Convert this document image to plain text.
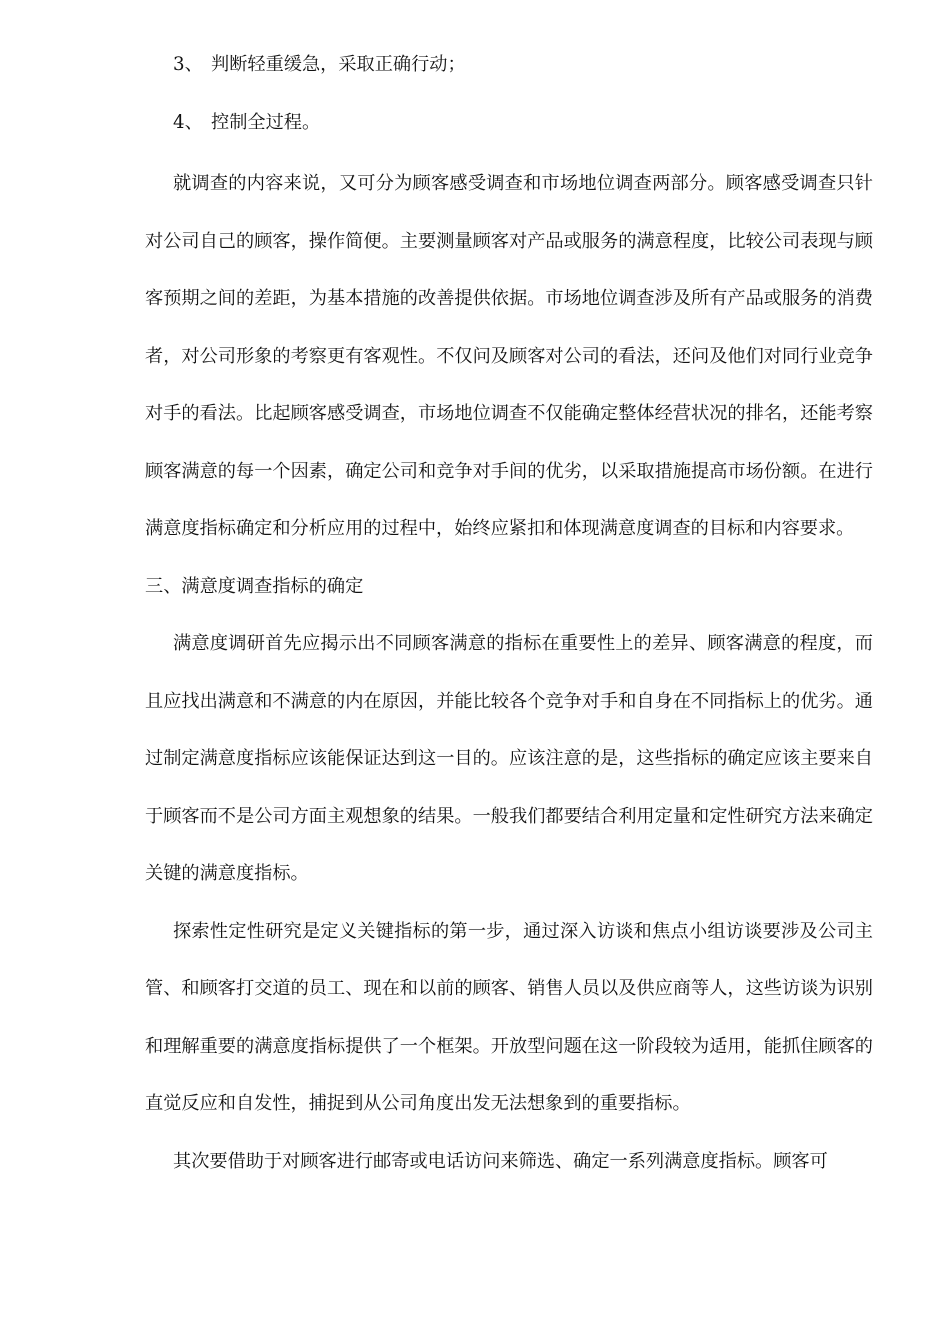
3、 判断轻重缓急，采取正确行动；
4、 控制全过程。

就调查的内容来说，又可分为顾客感受调查和市场地位调查两部分。顾客感受调查只针对公司自己的顾客，操作简便。主要测量顾客对产品或服务的满意程度，比较公司表现与顾客预期之间的差距，为基本措施的改善提供依据。市场地位调查涉及所有产品或服务的消费者，对公司形象的考察更有客观性。不仅问及顾客对公司的看法，还问及他们对同行业竞争对手的看法。比起顾客感受调查，市场地位调查不仅能确定整体经营状况的排名，还能考察顾客满意的每一个因素，确定公司和竞争对手间的优劣，以采取措施提高市场份额。在进行满意度指标确定和分析应用的过程中，始终应紧扣和体现满意度调查的目标和内容要求。

三、满意度调查指标的确定

满意度调研首先应揭示出不同顾客满意的指标在重要性上的差异、顾客满意的程度，而且应找出满意和不满意的内在原因，并能比较各个竞争对手和自身在不同指标上的优劣。通过制定满意度指标应该能保证达到这一目的。应该注意的是，这些指标的确定应该主要来自于顾客而不是公司方面主观想象的结果。一般我们都要结合利用定量和定性研究方法来确定关键的满意度指标。

探索性定性研究是定义关键指标的第一步，通过深入访谈和焦点小组访谈要涉及公司主管、和顾客打交道的员工、现在和以前的顾客、销售人员以及供应商等人，这些访谈为识别和理解重要的满意度指标提供了一个框架。开放型问题在这一阶段较为适用，能抓住顾客的直觉反应和自发性，捕捉到从公司角度出发无法想象到的重要指标。

其次要借助于对顾客进行邮寄或电话访问来筛选、确定一系列满意度指标。顾客可
